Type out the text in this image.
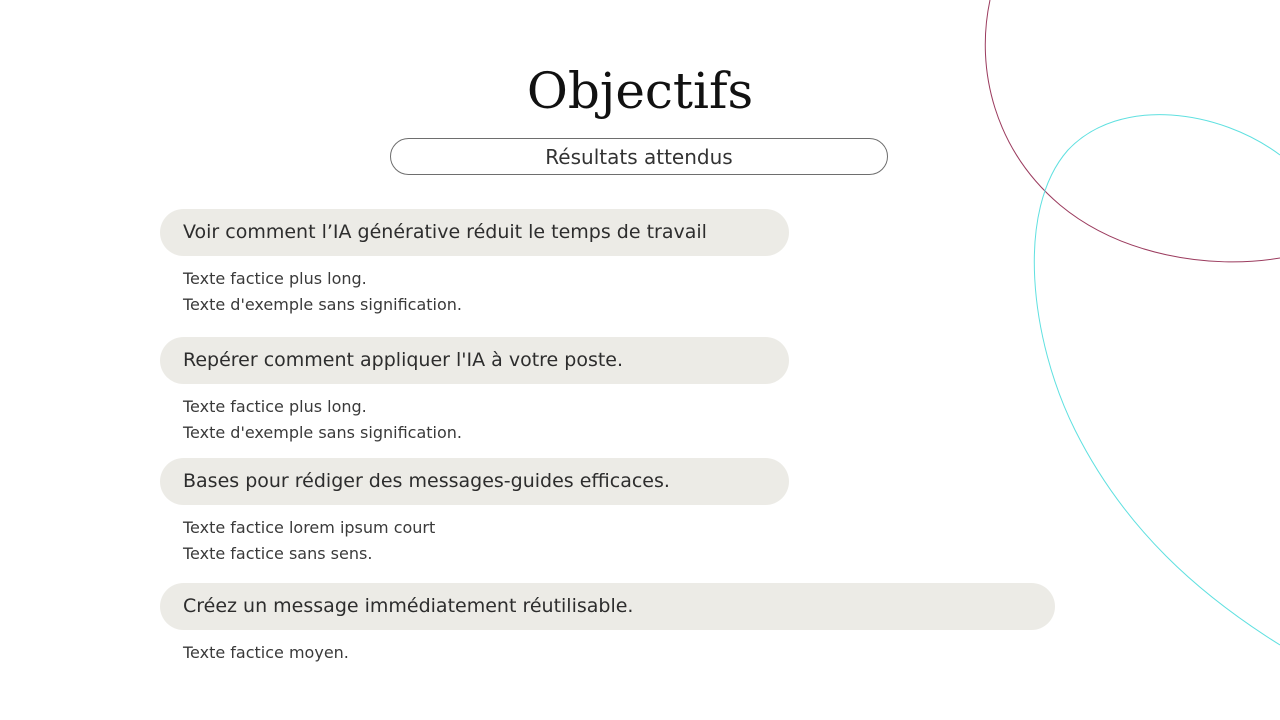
Objectifs
Résultats attendus
Voir comment l’IA générative réduit le temps de travail
Texte factice plus long.
Texte d'exemple sans signification.
Repérer comment appliquer l'IA à votre poste.
Texte factice plus long.
Texte d'exemple sans signification.
Bases pour rédiger des messages-guides efficaces.
Texte factice lorem ipsum court
Texte factice sans sens.
Créez un message immédiatement réutilisable.
Texte factice moyen.
